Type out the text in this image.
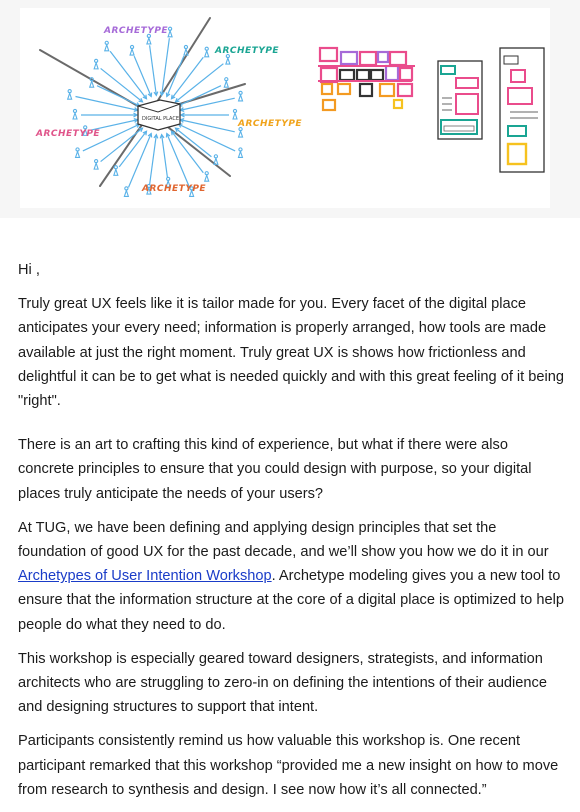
DIGITAL PLACE
ARCHETYPE
ARCHETYPE
ARCHETYPE
ARCHETYPE
ARCHETYPE

Hi ,

Truly great UX feels like it is tailor made for you. Every facet of the digital place anticipates your every need; information is properly arranged, how tools are made available at just the right moment. Truly great UX is shows how frictionless and delightful it can be to get what is needed quickly and with this great feeling of it being "right".

There is an art to crafting this kind of experience, but what if there were also concrete principles to ensure that you could design with purpose, so your digital places truly anticipate the needs of your users?

At TUG, we have been defining and applying design principles that set the foundation of good UX for the past decade, and we’ll show you how we do it in our Archetypes of User Intention Workshop. Archetype modeling gives you a new tool to ensure that the information structure at the core of a digital place is optimized to help people do what they need to do.

This workshop is especially geared toward designers, strategists, and information architects who are struggling to zero-in on defining the intentions of their audience and designing structures to support that intent.

Participants consistently remind us how valuable this workshop is. One recent participant remarked that this workshop “provided me a new insight on how to move from research to synthesis and design. I see now how it’s all connected.”
